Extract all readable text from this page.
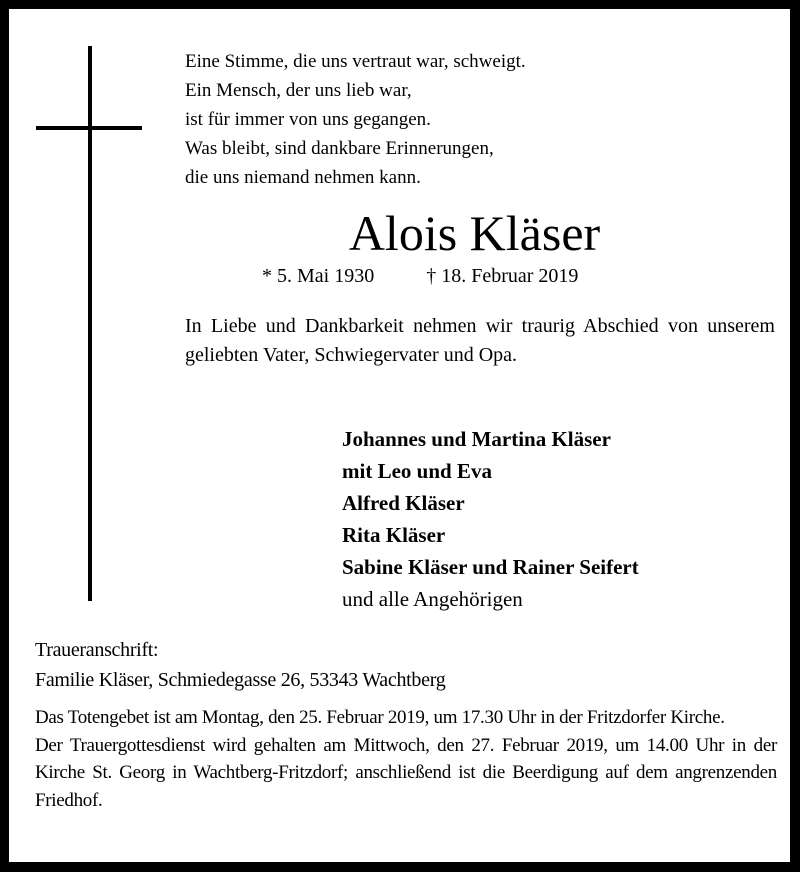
Eine Stimme, die uns vertraut war, schweigt.
Ein Mensch, der uns lieb war,
ist für immer von uns gegangen.
Was bleibt, sind dankbare Erinnerungen,
die uns niemand nehmen kann.
Alois Kläser
* 5. Mai 1930	† 18. Februar 2019
In Liebe und Dankbarkeit nehmen wir traurig Abschied von unserem geliebten Vater, Schwiegervater und Opa.
Johannes und Martina Kläser
mit Leo und Eva
Alfred Kläser
Rita Kläser
Sabine Kläser und Rainer Seifert
und alle Angehörigen
Traueranschrift:
Familie Kläser, Schmiedegasse 26, 53343 Wachtberg

Das Totengebet ist am Montag, den 25. Februar 2019, um 17.30 Uhr in der Fritzdorfer Kirche.

Der Trauergottesdienst wird gehalten am Mittwoch, den 27. Februar 2019, um 14.00 Uhr in der Kirche St. Georg in Wachtberg-Fritzdorf; anschließend ist die Beerdigung auf dem angrenzenden Friedhof.
